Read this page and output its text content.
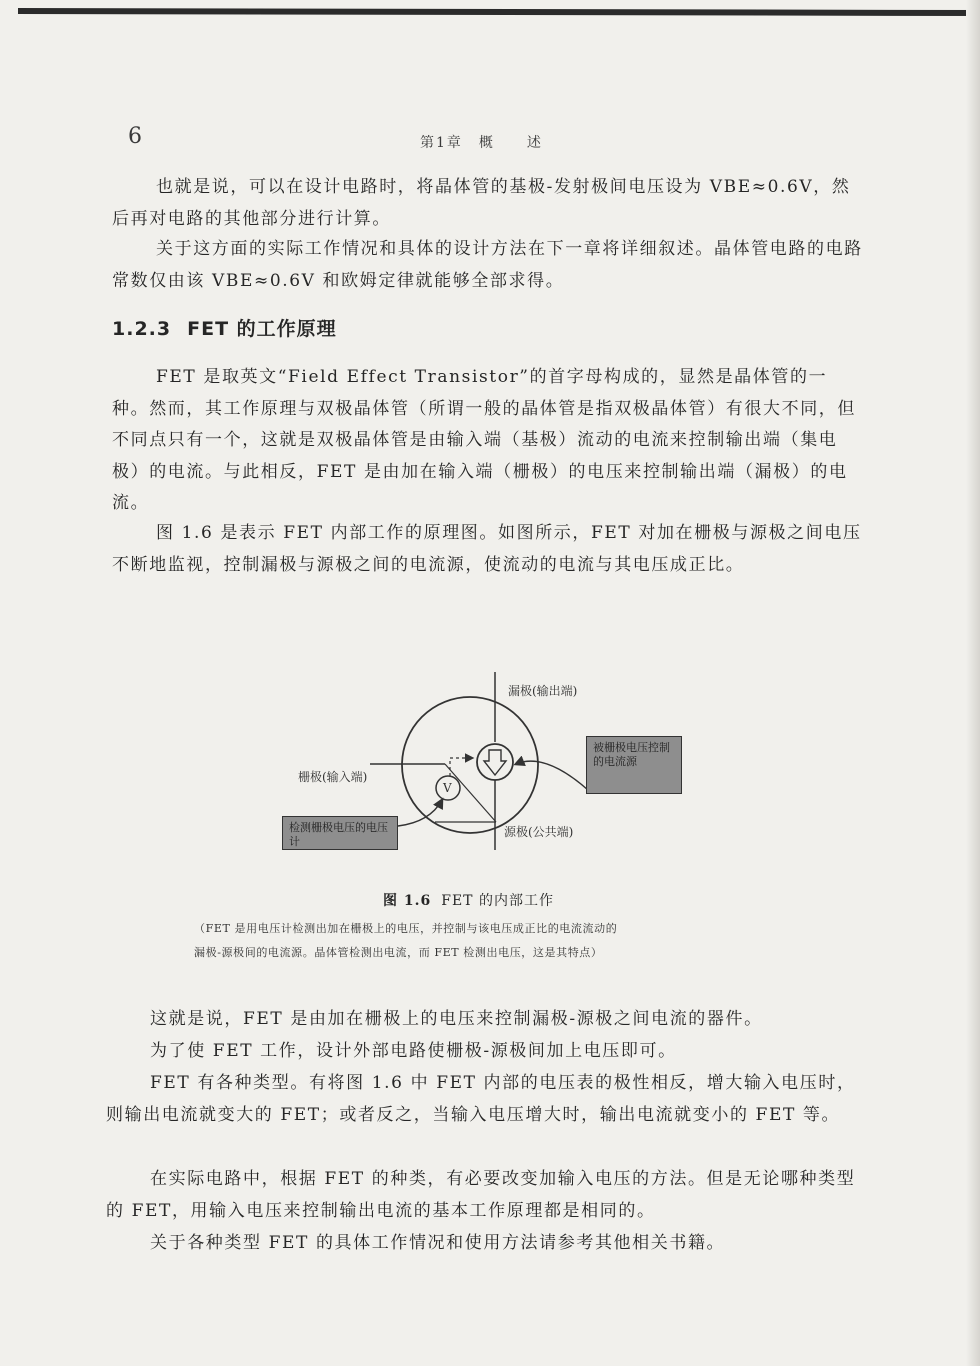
6	第1章　概　　述

也就是说，可以在设计电路时，将晶体管的基极-发射极间电压设为 VBE≈0.6V，然后再对电路的其他部分进行计算。

关于这方面的实际工作情况和具体的设计方法在下一章将详细叙述。晶体管电路的电路常数仅由该 VBE≈0.6V 和欧姆定律就能够全部求得。

1.2.3 FET 的工作原理

FET 是取英文“Field Effect Transistor”的首字母构成的，显然是晶体管的一种。然而，其工作原理与双极晶体管（所谓一般的晶体管是指双极晶体管）有很大不同，但不同点只有一个，这就是双极晶体管是由输入端（基极）流动的电流来控制输出端（集电极）的电流。与此相反，FET 是由加在输入端（栅极）的电压来控制输出端（漏极）的电流。

图 1.6 是表示 FET 内部工作的原理图。如图所示，FET 对加在栅极与源极之间电压不断地监视，控制漏极与源极之间的电流源，使流动的电流与其电压成正比。

漏极(输出端)
栅极(输入端)
源极(公共端)
V
被栅极电压控制的电流源
检测栅极电压的电压计
图 1.6 FET 的内部工作
（FET 是用电压计检测出加在栅极上的电压，并控制与该电压成正比的电流流动的
漏极-源极间的电流源。晶体管检测出电流，而 FET 检测出电压，这是其特点）

这就是说，FET 是由加在栅极上的电压来控制漏极-源极之间电流的器件。

为了使 FET 工作，设计外部电路使栅极-源极间加上电压即可。

FET 有各种类型。有将图 1.6 中 FET 内部的电压表的极性相反，增大输入电压时，则输出电流就变大的 FET；或者反之，当输入电压增大时，输出电流就变小的 FET 等。

在实际电路中，根据 FET 的种类，有必要改变加输入电压的方法。但是无论哪种类型的 FET，用输入电压来控制输出电流的基本工作原理都是相同的。

关于各种类型 FET 的具体工作情况和使用方法请参考其他相关书籍。
